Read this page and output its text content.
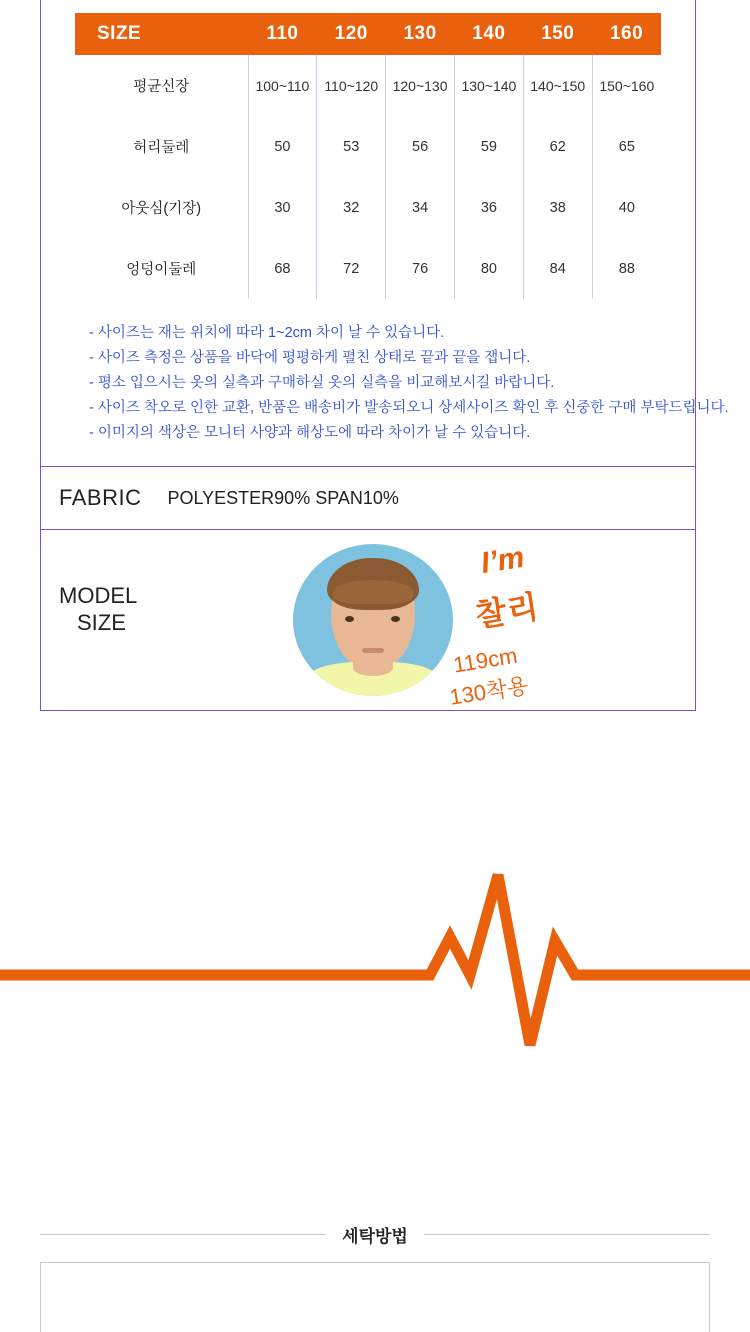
SIZE	110	120	130	140	150	160
평균신장	100~110	110~120	120~130	130~140	140~150	150~160
허리둘레	50	53	56	59	62	65
아웃심(기장)	30	32	34	36	38	40
엉덩이둘레	68	72	76	80	84	88
- 사이즈는 재는 위치에 따라 1~2cm 차이 날 수 있습니다.
- 사이즈 측정은 상품을 바닥에 평평하게 펼친 상태로 끝과 끝을 잽니다.
- 평소 입으시는 옷의 실측과 구매하실 옷의 실측을 비교해보시길 바랍니다.
- 사이즈 착오로 인한 교환, 반품은 배송비가 발송되오니 상세사이즈 확인 후 신중한 구매 부탁드립니다.
- 이미지의 색상은 모니터 사양과 해상도에 따라 차이가 날 수 있습니다.
FABRIC POLYESTER90% SPAN10%
MODEL
SIZE
I’m
찰리
119cm
130착용
세탁방법
